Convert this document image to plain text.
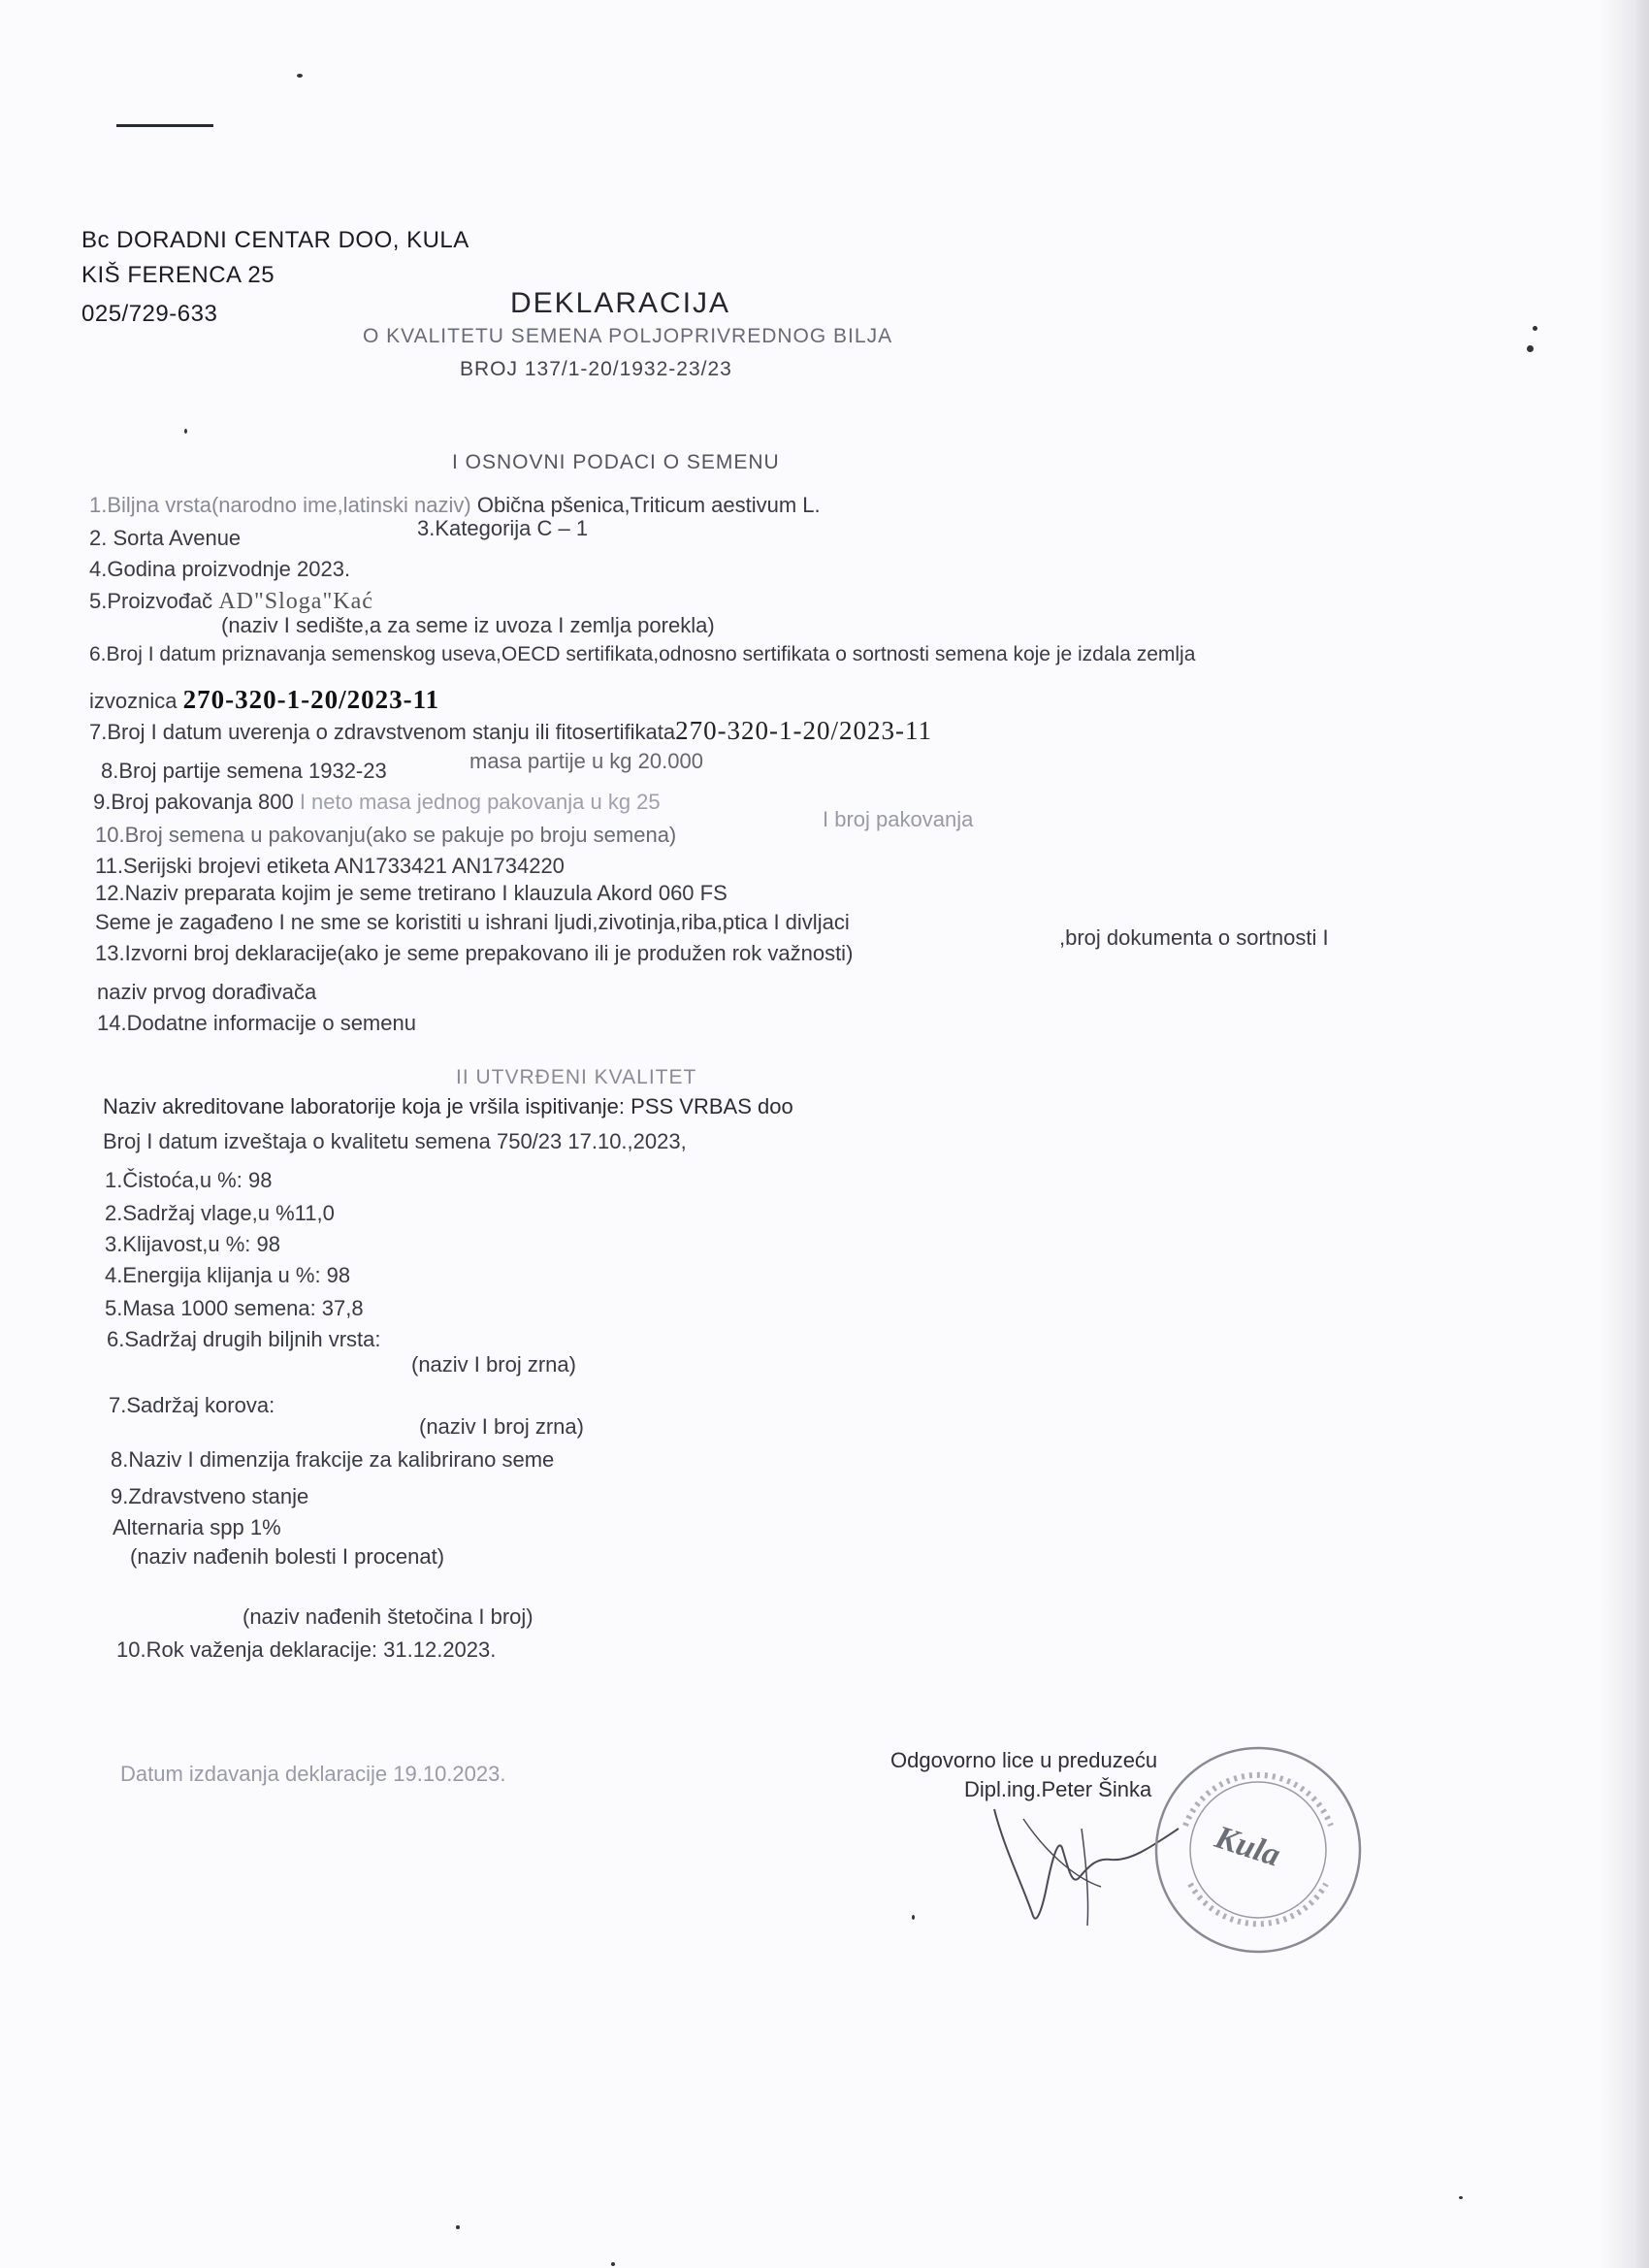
Bc DORADNI CENTAR DOO, KULA
KIŠ FERENCA 25
025/729-633	DEKLARACIJA
O KVALITETU SEMENA POLJOPRIVREDNOG BILJA
BROJ 137/1-20/1932-23/23
I OSNOVNI PODACI O SEMENU
1.Biljna vrsta(narodno ime,latinski naziv) Obična pšenica,Triticum aestivum L.
2. Sorta Avenue	3.Kategorija C – 1
4.Godina proizvodnje 2023.
5.Proizvođač AD"Sloga"Kać
(naziv I sedište,a za seme iz uvoza I zemlja porekla)
6.Broj I datum priznavanja semenskog useva,OECD sertifikata,odnosno sertifikata o sortnosti semena koje je izdala zemlja
izvoznica 270-320-1-20/2023-11
7.Broj I datum uverenja o zdravstvenom stanju ili fitosertifikata270-320-1-20/2023-11
8.Broj partije semena 1932-23	masa partije u kg 20.000
9.Broj pakovanja 800 I neto masa jednog pakovanja u kg 25
10.Broj semena u pakovanju(ako se pakuje po broju semena)
I broj pakovanja
11.Serijski brojevi etiketa AN1733421 AN1734220
12.Naziv preparata kojim je seme tretirano I klauzula Akord 060 FS
Seme je zagađeno I ne sme se koristiti u ishrani ljudi,zivotinja,riba,ptica I divljaci
13.Izvorni broj deklaracije(ako je seme prepakovano ili je produžen rok važnosti)
,broj dokumenta o sortnosti I
naziv prvog dorađivača
14.Dodatne informacije o semenu
II UTVRĐENI KVALITET
Naziv akreditovane laboratorije koja je vršila ispitivanje: PSS VRBAS doo
Broj I datum izveštaja o kvalitetu semena 750/23 17.10.,2023,
1.Čistoća,u %: 98
2.Sadržaj vlage,u %11,0
3.Klijavost,u %: 98
4.Energija klijanja u %: 98
5.Masa 1000 semena: 37,8
6.Sadržaj drugih biljnih vrsta:
(naziv I broj zrna)
7.Sadržaj korova:
(naziv I broj zrna)
8.Naziv I dimenzija frakcije za kalibrirano seme
9.Zdravstveno stanje
Alternaria spp 1%
(naziv nađenih bolesti I procenat)
(naziv nađenih štetočina I broj)
10.Rok važenja deklaracije: 31.12.2023.
Datum izdavanja deklaracije 19.10.2023.
Odgovorno lice u preduzeću
Dipl.ing.Peter Šinka
Kula
